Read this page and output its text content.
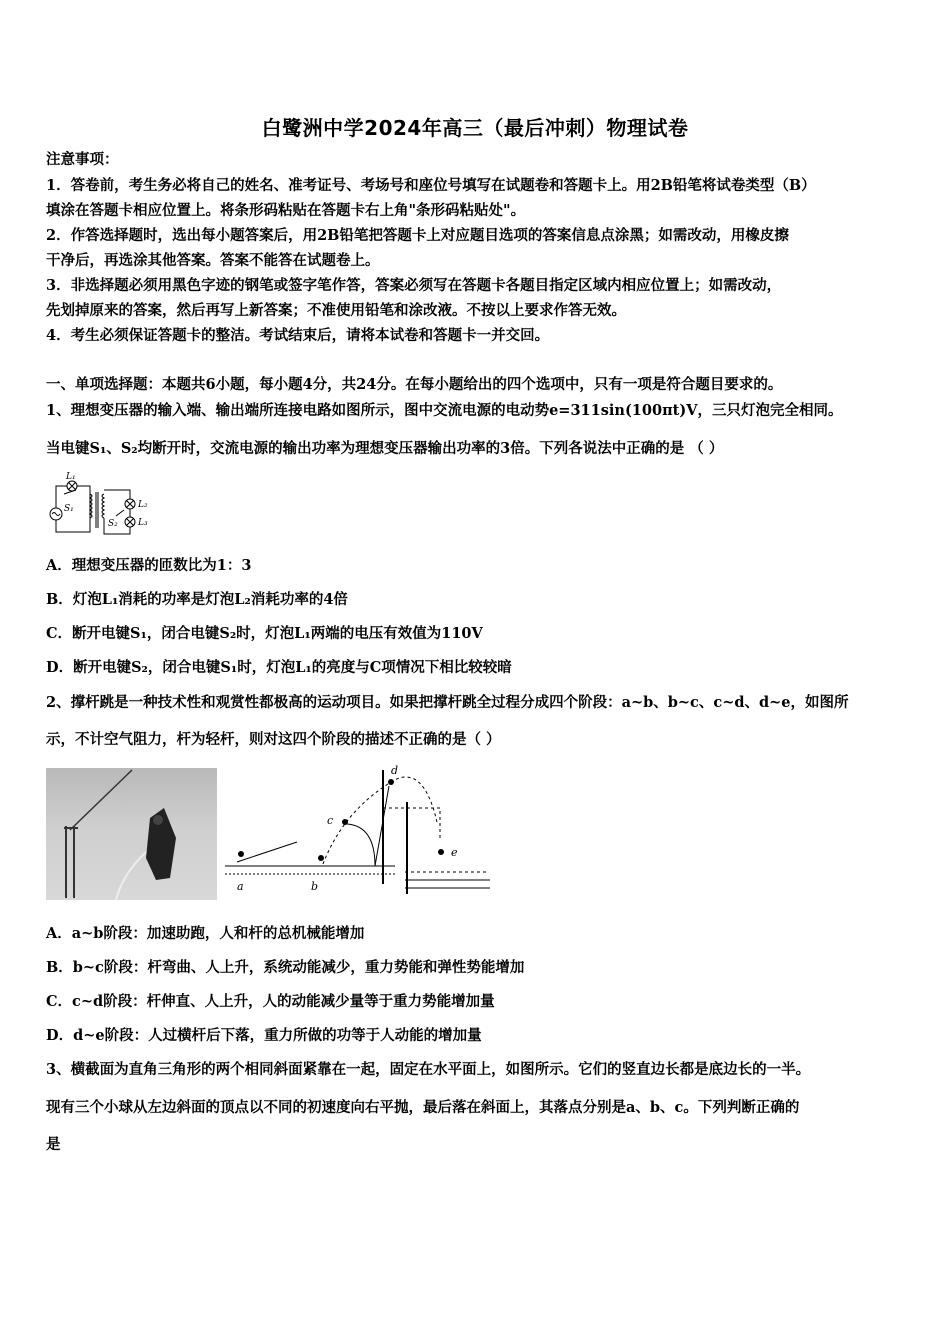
白鹭洲中学2024年高三（最后冲刺）物理试卷
注意事项：
1．答卷前，考生务必将自己的姓名、准考证号、考场号和座位号填写在试题卷和答题卡上。用2B铅笔将试卷类型（B）
填涂在答题卡相应位置上。将条形码粘贴在答题卡右上角"条形码粘贴处"。
2．作答选择题时，选出每小题答案后，用2B铅笔把答题卡上对应题目选项的答案信息点涂黑；如需改动，用橡皮擦
干净后，再选涂其他答案。答案不能答在试题卷上。
3．非选择题必须用黑色字迹的钢笔或签字笔作答，答案必须写在答题卡各题目指定区域内相应位置上；如需改动，
先划掉原来的答案，然后再写上新答案；不准使用铅笔和涂改液。不按以上要求作答无效。
4．考生必须保证答题卡的整洁。考试结束后，请将本试卷和答题卡一并交回。
一、单项选择题：本题共6小题，每小题4分，共24分。在每小题给出的四个选项中，只有一项是符合题目要求的。
1、理想变压器的输入端、输出端所连接电路如图所示，图中交流电源的电动势e=311sin(100πt)V，三只灯泡完全相同。
当电键S₁、S₂均断开时，交流电源的输出功率为理想变压器输出功率的3倍。下列各说法中正确的是 （ ）
L₁
S₁	L₂
L₃
S₂
A．理想变压器的匝数比为1：3
B．灯泡L₁消耗的功率是灯泡L₂消耗功率的4倍
C．断开电键S₁，闭合电键S₂时，灯泡L₁两端的电压有效值为110V
D．断开电键S₂，闭合电键S₁时，灯泡L₁的亮度与C项情况下相比较较暗
2、撑杆跳是一种技术性和观赏性都极高的运动项目。如果把撑杆跳全过程分成四个阶段：a~b、b~c、c~d、d~e，如图所
示，不计空气阻力，杆为轻杆，则对这四个阶段的描述不正确的是（ ）
a	b
c
d
e
A．a~b阶段：加速助跑，人和杆的总机械能增加
B．b~c阶段：杆弯曲、人上升，系统动能减少，重力势能和弹性势能增加
C．c~d阶段：杆伸直、人上升，人的动能减少量等于重力势能增加量
D．d~e阶段：人过横杆后下落，重力所做的功等于人动能的增加量
3、横截面为直角三角形的两个相同斜面紧靠在一起，固定在水平面上，如图所示。它们的竖直边长都是底边长的一半。
现有三个小球从左边斜面的顶点以不同的初速度向右平抛，最后落在斜面上，其落点分别是a、b、c。下列判断正确的
是
